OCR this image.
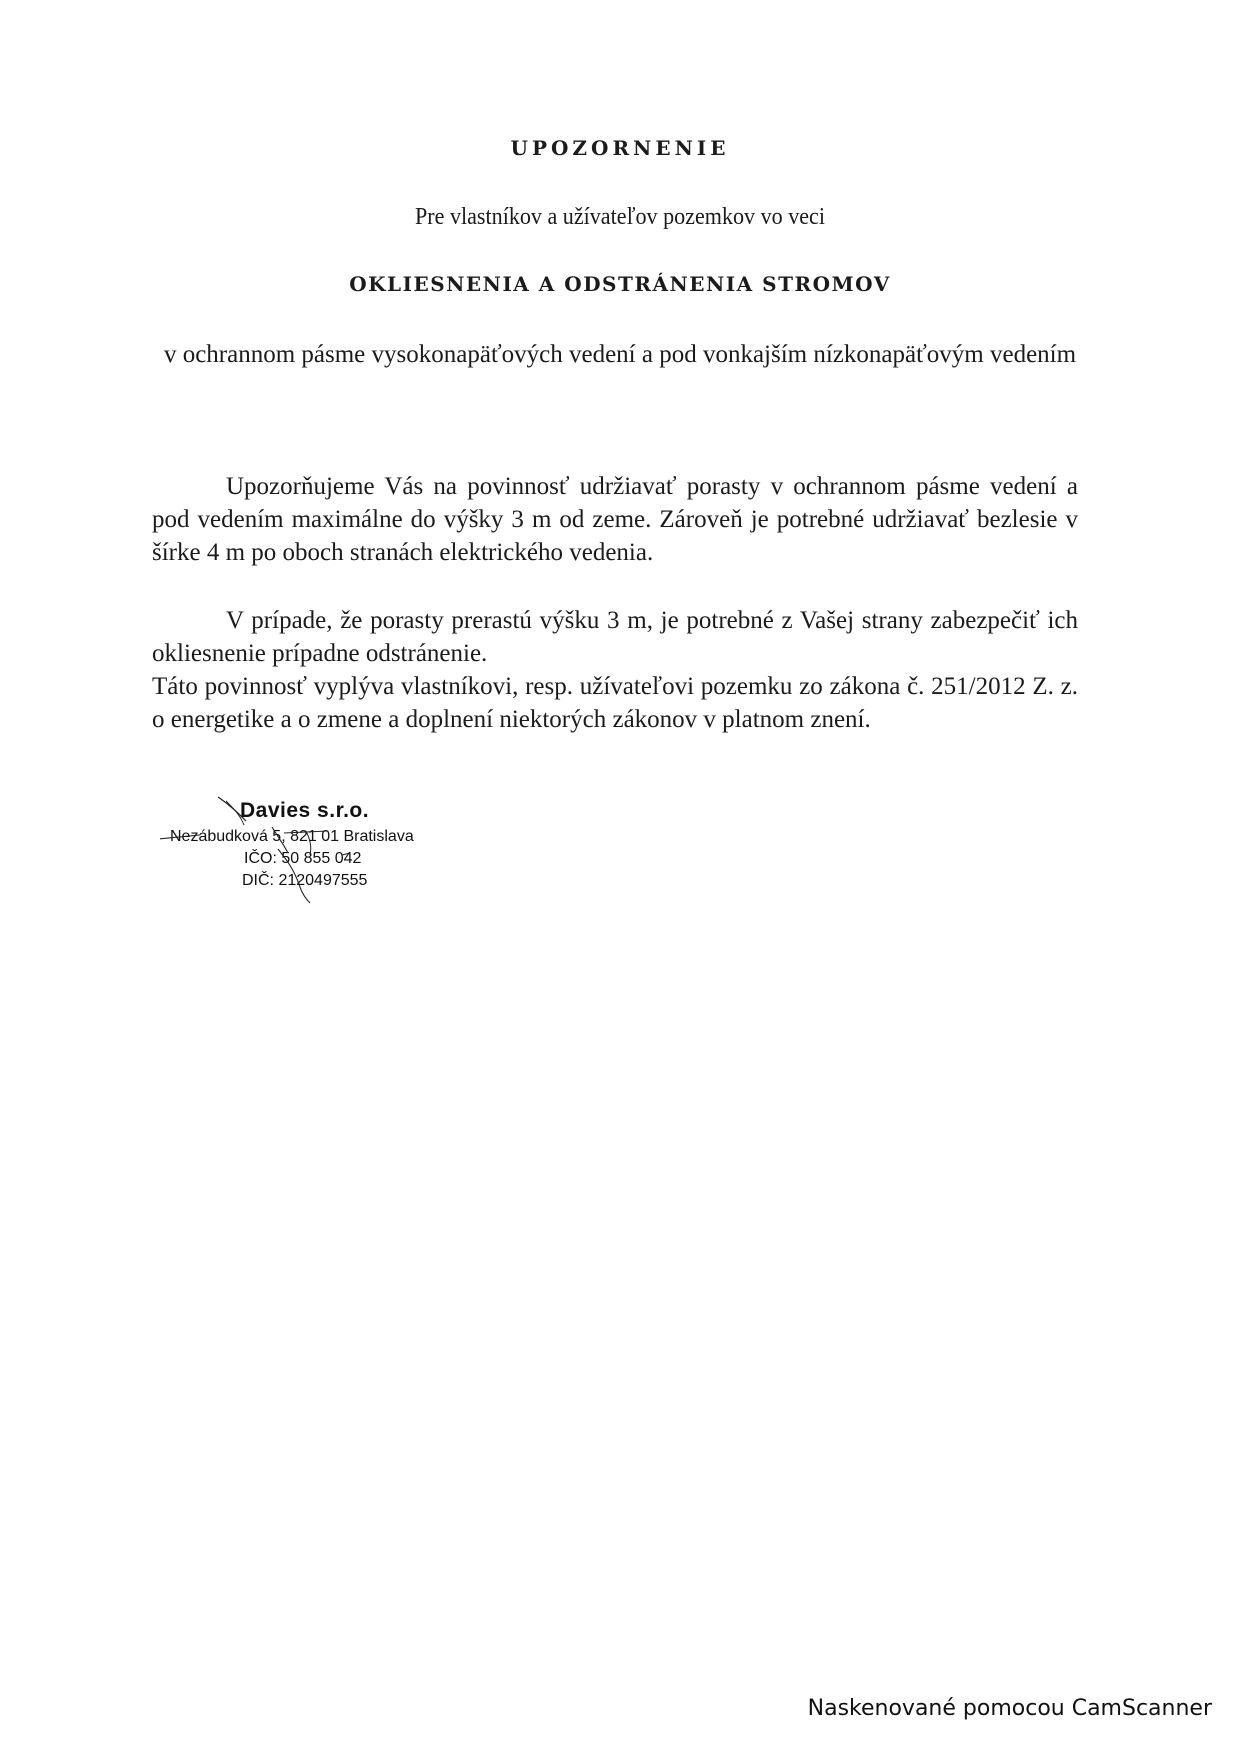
UPOZORNENIE
Pre vlastníkov a užívateľov pozemkov vo veci
OKLIESNENIA A ODSTRÁNENIA STROMOV
v ochrannom pásme vysokonapäťových vedení a pod vonkajším nízkonapäťovým vedením
Upozorňujeme Vás na povinnosť udržiavať porasty v ochrannom pásme vedení a pod vedením maximálne do výšky 3 m od zeme. Zároveň je potrebné udržiavať bezlesie v šírke 4 m po oboch stranách elektrického vedenia.
V prípade, že porasty prerastú výšku 3 m, je potrebné z Vašej strany zabezpečiť ich okliesnenie prípadne odstránenie.
Táto povinnosť vyplýva vlastníkovi, resp. užívateľovi pozemku zo zákona č. 251/2012 Z. z. o energetike a o zmene a doplnení niektorých zákonov v platnom znení.
Davies s.r.o.
Nezábudková 5, 821 01 Bratislava
IČO: 50 855 042
DIČ: 2120497555
Naskenované pomocou CamScanner
